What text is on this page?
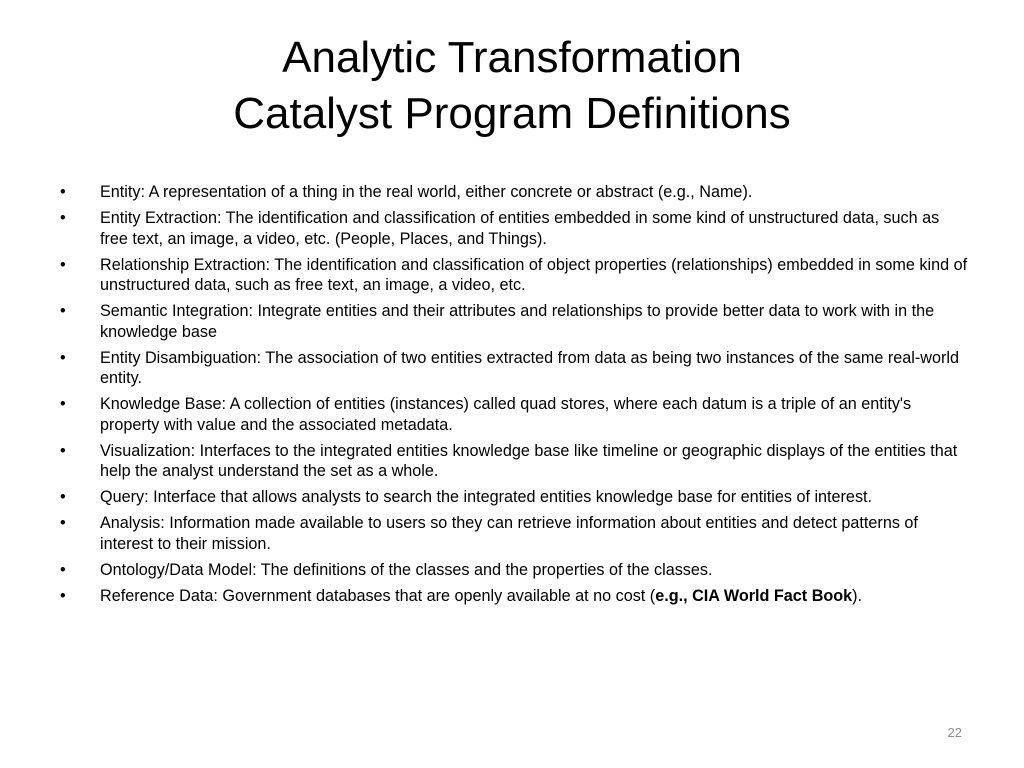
Analytic Transformation
Catalyst Program Definitions
•	Entity: A representation of a thing in the real world, either concrete or abstract (e.g., Name).
•	Entity Extraction: The identification and classification of entities embedded in some kind of unstructured data, such as free text, an image, a video, etc. (People, Places, and Things).
•	Relationship Extraction: The identification and classification of object properties (relationships) embedded in some kind of unstructured data, such as free text, an image, a video, etc.
•	Semantic Integration: Integrate entities and their attributes and relationships to provide better data to work with in the knowledge base
•	Entity Disambiguation: The association of two entities extracted from data as being two instances of the same real-world entity.
•	Knowledge Base: A collection of entities (instances) called quad stores, where each datum is a triple of an entity's property with value and the associated metadata.
•	Visualization: Interfaces to the integrated entities knowledge base like timeline or geographic displays of the entities that help the analyst understand the set as a whole.
•	Query: Interface that allows analysts to search the integrated entities knowledge base for entities of interest.
•	Analysis: Information made available to users so they can retrieve information about entities and detect patterns of interest to their mission.
•	Ontology/Data Model: The definitions of the classes and the properties of the classes.
•	Reference Data: Government databases that are openly available at no cost (e.g., CIA World Fact Book).
22
